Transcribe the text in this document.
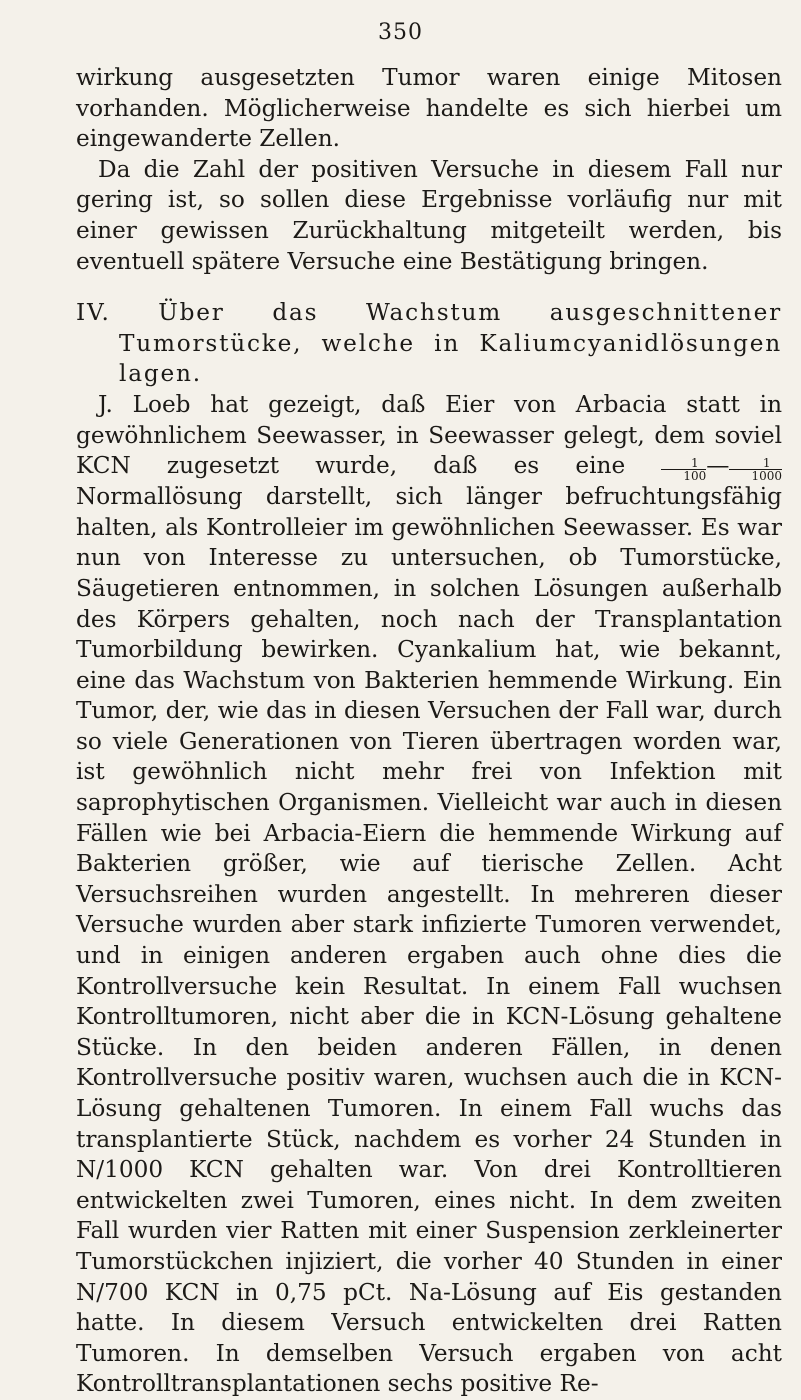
350

wirkung ausgesetzten Tumor waren einige Mitosen vorhanden. Möglicherweise handelte es sich hierbei um eingewanderte Zellen.

Da die Zahl der positiven Versuche in diesem Fall nur gering ist, so sollen diese Ergebnisse vorläufig nur mit einer gewissen Zurückhaltung mitgeteilt werden, bis eventuell spätere Versuche eine Bestätigung bringen.

IV. Über das Wachstum ausgeschnittener Tumorstücke, welche in Kaliumcyanidlösungen lagen.

J. Loeb hat gezeigt, daß Eier von Arbacia statt in gewöhnlichem Seewasser, in Seewasser gelegt, dem soviel KCN zugesetzt wurde, daß es eine	$\frac{1}{100}$ — $\frac{1}{1000}$
Normallösung darstellt, sich länger befruchtungsfähig halten, als Kontrolleier im gewöhnlichen Seewasser. Es war nun von Interesse zu untersuchen, ob Tumorstücke, Säugetieren entnommen, in solchen Lösungen außerhalb des Körpers gehalten, noch nach der Transplantation Tumorbildung bewirken. Cyankalium hat, wie bekannt, eine das Wachstum von Bakterien hemmende Wirkung. Ein Tumor, der, wie das in diesen Versuchen der Fall war, durch so viele Generationen von Tieren übertragen worden war, ist gewöhnlich nicht mehr frei von Infektion mit saprophytischen Organismen. Vielleicht war auch in diesen Fällen wie bei Arbacia-Eiern die hemmende Wirkung auf Bakterien größer, wie auf tierische Zellen. Acht Versuchsreihen wurden angestellt. In mehreren dieser Versuche wurden aber stark infizierte Tumoren verwendet, und in einigen anderen ergaben auch ohne dies die Kontrollversuche kein Resultat. In einem Fall wuchsen Kontrolltumoren, nicht aber die in KCN-Lösung gehaltene Stücke. In den beiden anderen Fällen, in denen Kontrollversuche positiv waren, wuchsen auch die in KCN-Lösung gehaltenen Tumoren. In einem Fall wuchs das transplantierte Stück, nachdem es vorher 24 Stunden in N/1000 KCN gehalten war. Von drei Kontrolltieren entwickelten zwei Tumoren, eines nicht. In dem zweiten Fall wurden vier Ratten mit einer Suspension zerkleinerter Tumorstückchen injiziert, die vorher 40 Stunden in einer N/700 KCN in 0,75 pCt. Na-Lösung auf Eis gestanden hatte. In diesem Versuch entwickelten drei Ratten Tumoren. In demselben Versuch ergaben von acht Kontrolltransplantationen sechs positive Re-
